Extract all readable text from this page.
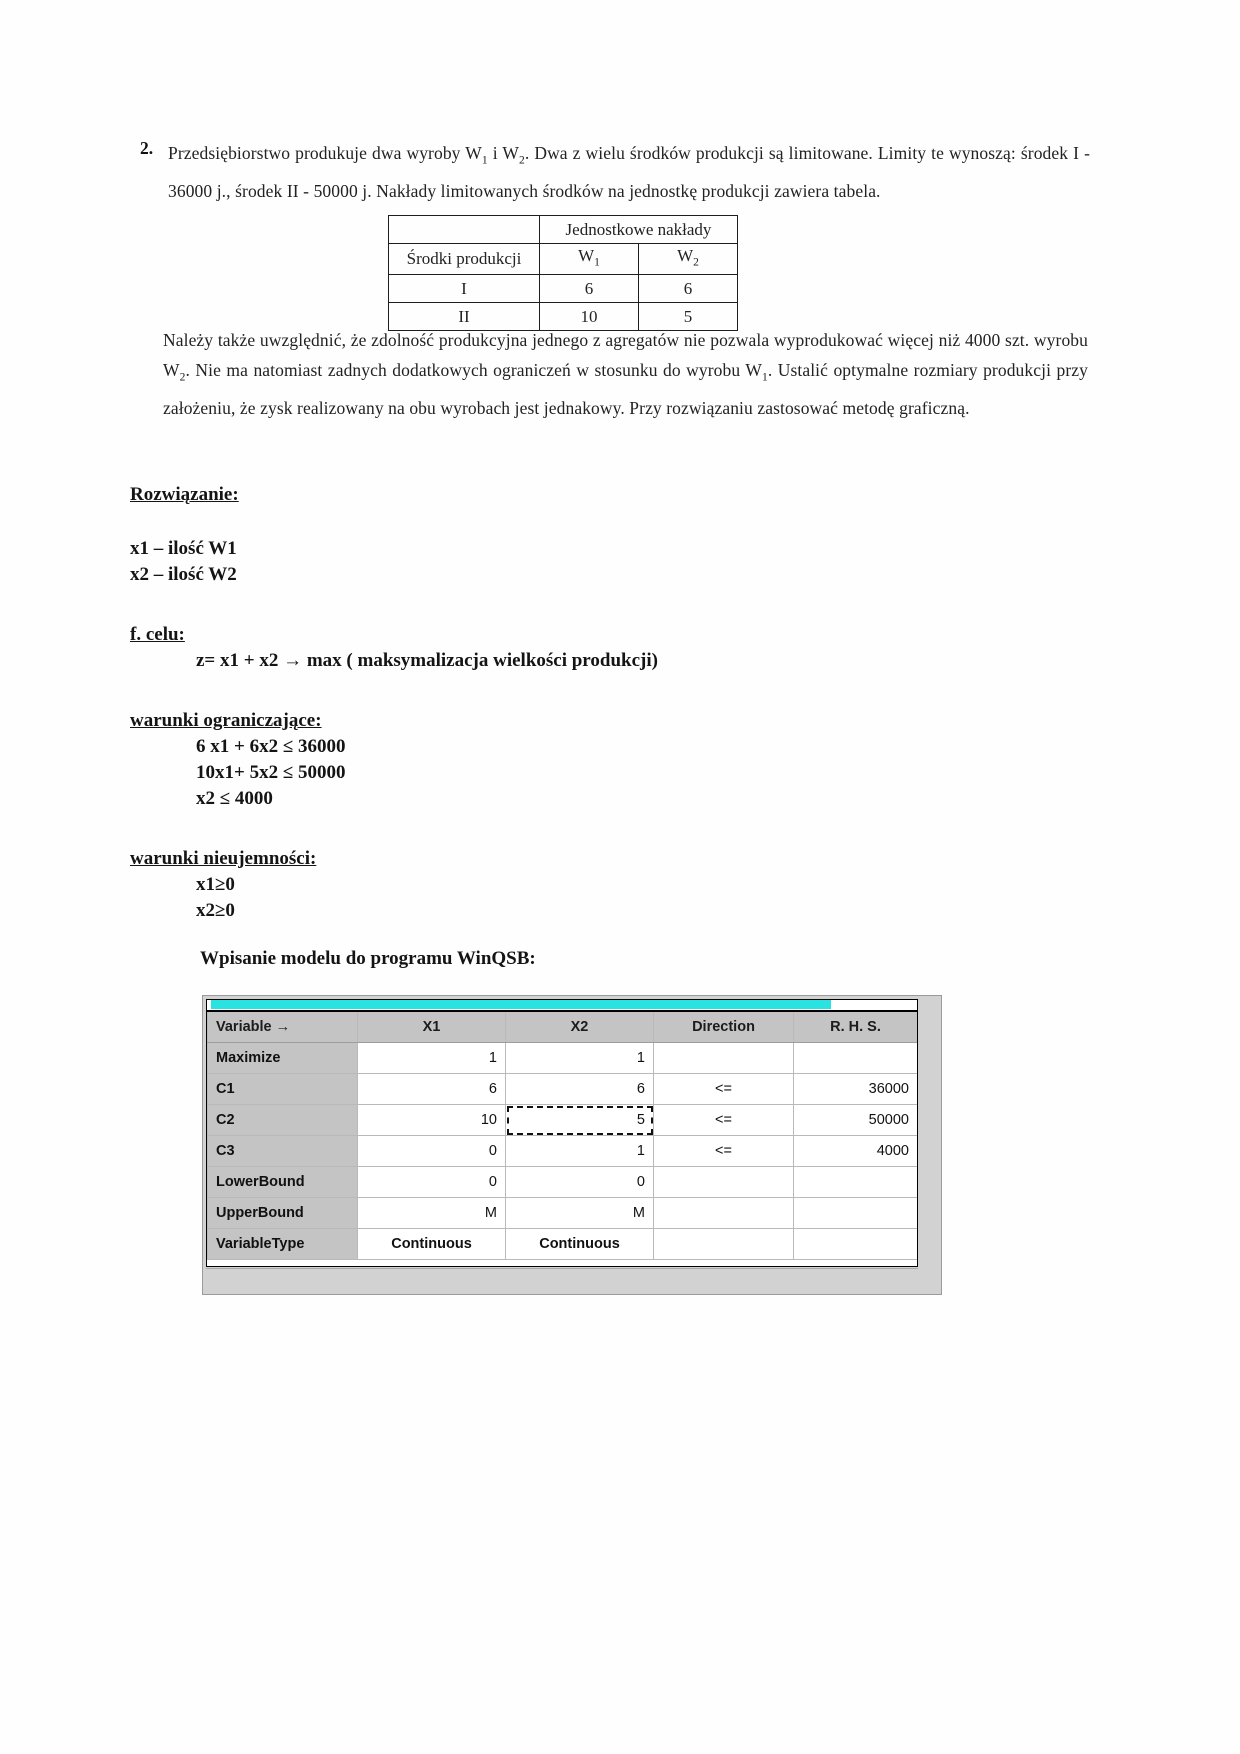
2. Przedsiębiorstwo produkuje dwa wyroby $W_1$ i $W_2$. Dwa z wielu środków produkcji są limitowane. Limity te wynoszą: środek I - 36000 j., środek II - 50000 j. Nakłady limitowanych środków na jednostkę produkcji zawiera tabela.
	Jednostkowe nakłady	
Środki produkcji	$W_1$	$W_2$
I	6	6
II	10	5
Należy także uwzględnić, że zdolność produkcyjna jednego z agregatów nie pozwala wyprodukować więcej niż 4000 szt. wyrobu $W_2$. Nie ma natomiast zadnych dodatkowych ograniczeń w stosunku do wyrobu $W_1$. Ustalić optymalne rozmiary produkcji przy założeniu, że zysk realizowany na obu wyrobach jest jednakowy. Przy rozwiązaniu zastosować metodę graficzną.
Rozwiązanie:
x1 – ilość W1
x2 – ilość W2
f. celu:
z= x1 + x2 → max ( maksymalizacja wielkości produkcji)
warunki ograniczające:
6 x1 + 6x2 ≤ 36000
10x1+ 5x2 ≤ 50000
x2 ≤ 4000
warunki nieujemności:
x1≥0
x2≥0
Wpisanie modelu do programu WinQSB:
Variable →	X1	X2	Direction	R. H. S.
Maximize	1	1		
C1	6	6	<=	36000
C2	10	5	<=	50000
C3	0	1	<=	4000
LowerBound	0	0		
UpperBound	M	M		
VariableType	Continuous	Continuous		
